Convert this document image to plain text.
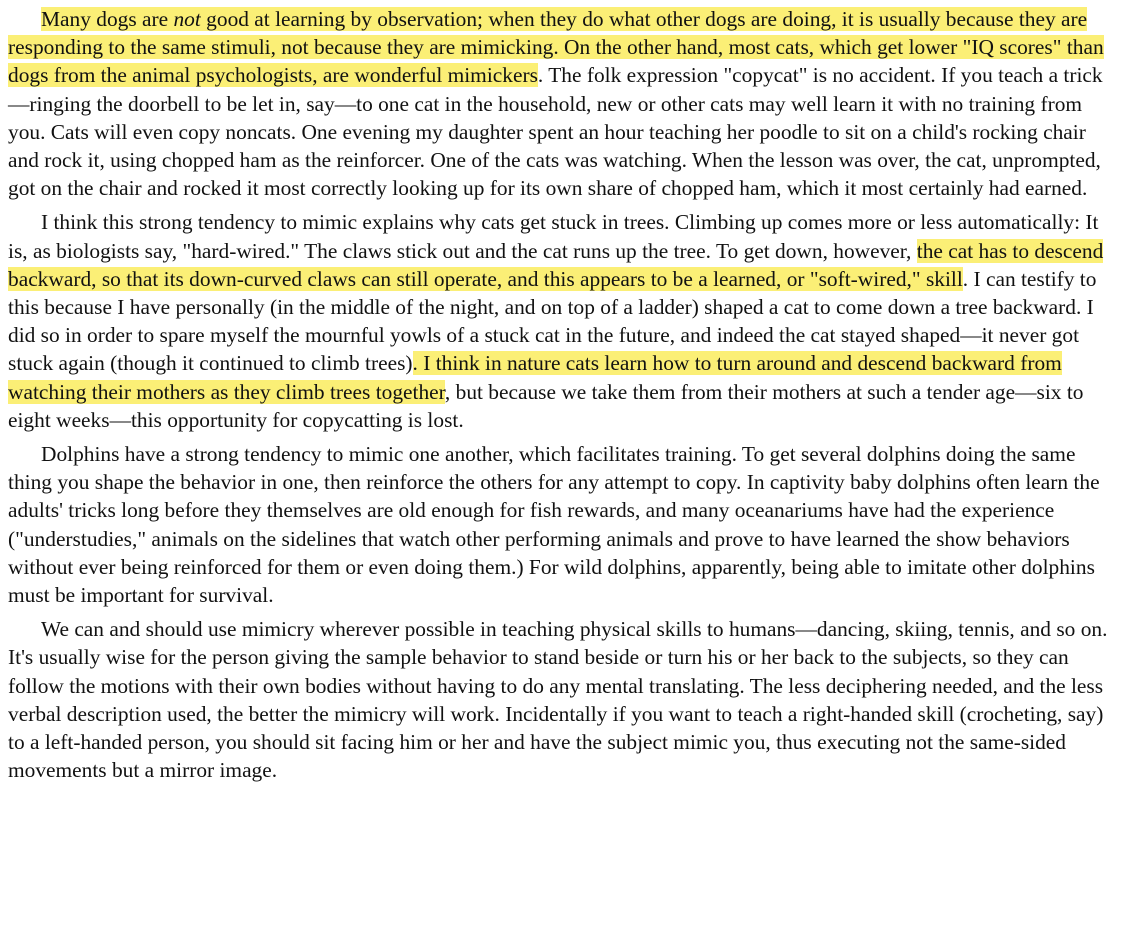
Many dogs are not good at learning by observation; when they do what other dogs are doing, it is usually because they are responding to the same stimuli, not because they are mimicking. On the other hand, most cats, which get lower "IQ scores" than dogs from the animal psychologists, are wonderful mimickers. The folk expression "copycat" is no accident. If you teach a trick—ringing the doorbell to be let in, say—to one cat in the household, new or other cats may well learn it with no training from you. Cats will even copy noncats. One evening my daughter spent an hour teaching her poodle to sit on a child's rocking chair and rock it, using chopped ham as the reinforcer. One of the cats was watching. When the lesson was over, the cat, unprompted, got on the chair and rocked it most correctly looking up for its own share of chopped ham, which it most certainly had earned.

I think this strong tendency to mimic explains why cats get stuck in trees. Climbing up comes more or less automatically: It is, as biologists say, "hard-wired." The claws stick out and the cat runs up the tree. To get down, however, the cat has to descend backward, so that its down-curved claws can still operate, and this appears to be a learned, or "soft-wired," skill. I can testify to this because I have personally (in the middle of the night, and on top of a ladder) shaped a cat to come down a tree backward. I did so in order to spare myself the mournful yowls of a stuck cat in the future, and indeed the cat stayed shaped—it never got stuck again (though it continued to climb trees). I think in nature cats learn how to turn around and descend backward from watching their mothers as they climb trees together, but because we take them from their mothers at such a tender age—six to eight weeks—this opportunity for copycatting is lost.

Dolphins have a strong tendency to mimic one another, which facilitates training. To get several dolphins doing the same thing you shape the behavior in one, then reinforce the others for any attempt to copy. In captivity baby dolphins often learn the adults' tricks long before they themselves are old enough for fish rewards, and many oceanariums have had the experience ("understudies," animals on the sidelines that watch other performing animals and prove to have learned the show behaviors without ever being reinforced for them or even doing them.) For wild dolphins, apparently, being able to imitate other dolphins must be important for survival.

We can and should use mimicry wherever possible in teaching physical skills to humans—dancing, skiing, tennis, and so on. It's usually wise for the person giving the sample behavior to stand beside or turn his or her back to the subjects, so they can follow the motions with their own bodies without having to do any mental translating. The less deciphering needed, and the less verbal description used, the better the mimicry will work. Incidentally if you want to teach a right-handed skill (crocheting, say) to a left-handed person, you should sit facing him or her and have the subject mimic you, thus executing not the same-sided movements but a mirror image.
